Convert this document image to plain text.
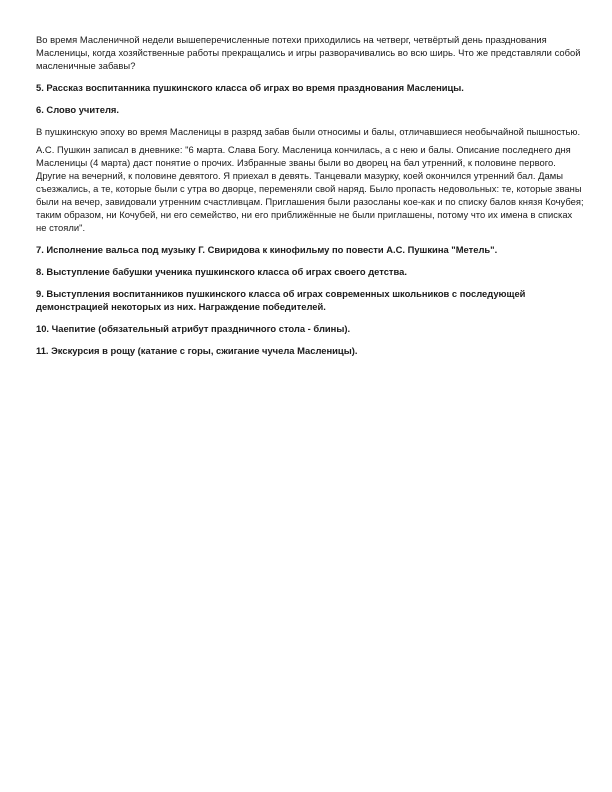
Во время Масленичной недели вышеперечисленные потехи приходились на четверг, четвёртый день празднования Масленицы, когда хозяйственные работы прекращались и игры разворачивались во всю ширь. Что же представляли собой масленичные забавы?

5. Рассказ воспитанника пушкинского класса об играх во время празднования Масленицы.

6. Слово учителя.

В пушкинскую эпоху во время Масленицы в разряд забав были относимы и балы, отличавшиеся необычайной пышностью.

А.С. Пушкин записал в дневнике: "6 марта. Слава Богу. Масленица кончилась, а с нею и балы. Описание последнего дня Масленицы (4 марта) даст понятие о прочих. Избранные званы были во дворец на бал утренний, к половине первого. Другие на вечерний, к половине девятого. Я приехал в девять. Танцевали мазурку, коей окончился утренний бал. Дамы съезжались, а те, которые были с утра во дворце, переменяли свой наряд. Было пропасть недовольных: те, которые званы были на вечер, завидовали утренним счастливцам. Приглашения были разосланы кое-как и по списку балов князя Кочубея; таким образом, ни Кочубей, ни его семейство, ни его приближённые не были приглашены, потому что их имена в списках не стояли".

7. Исполнение вальса под музыку Г. Свиридова к кинофильму по повести А.С. Пушкина "Метель".

8. Выступление бабушки ученика пушкинского класса об играх своего детства.

9. Выступления воспитанников пушкинского класса об играх современных школьников с последующей демонстрацией некоторых из них. Награждение победителей.

10. Чаепитие (обязательный атрибут праздничного стола - блины).

11. Экскурсия в рощу (катание с горы, сжигание чучела Масленицы).
